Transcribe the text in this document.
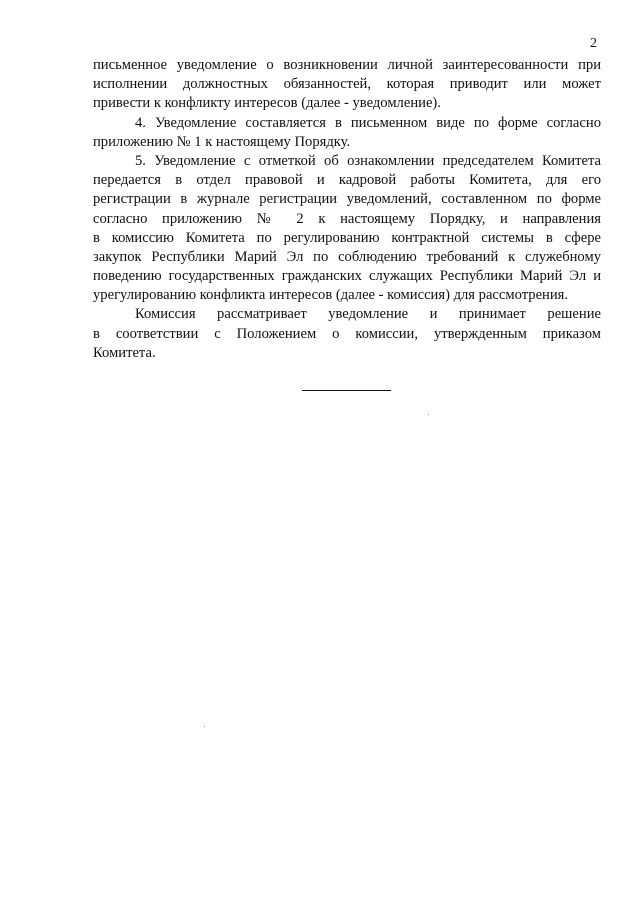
2
письменное уведомление о возникновении личной заинтересованности при
исполнении должностных обязанностей, которая приводит или может
привести к конфликту интересов (далее - уведомление).
4. Уведомление составляется в письменном виде по форме согласно
приложению № 1 к настоящему Порядку.
5. Уведомление с отметкой об ознакомлении председателем Комитета
передается в отдел правовой и кадровой работы Комитета, для его
регистрации в журнале регистрации уведомлений, составленном по форме
согласно приложению № 2 к настоящему Порядку, и направления
в комиссию Комитета по регулированию контрактной системы в сфере
закупок Республики Марий Эл по соблюдению требований к служебному
поведению государственных гражданских служащих Республики Марий Эл и
урегулированию конфликта интересов (далее - комиссия) для рассмотрения.
Комиссия рассматривает уведомление и принимает решение
в соответствии с Положением о комиссии, утвержденным приказом
Комитета.
